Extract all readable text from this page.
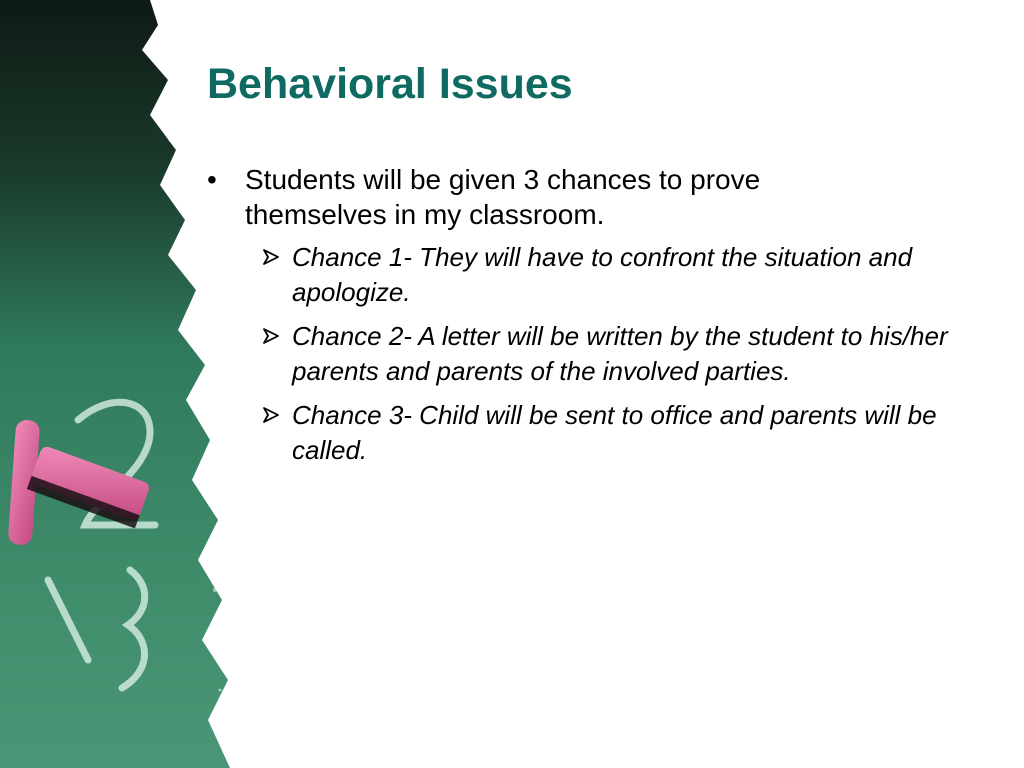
Behavioral Issues
•	Students will be given 3 chances to prove themselves in my classroom.
Chance 1- They will have to confront the situation and apologize.
Chance 2- A letter will be written by the student to his/her parents and parents of the involved parties.
Chance 3- Child will be sent to office and parents will be called.
